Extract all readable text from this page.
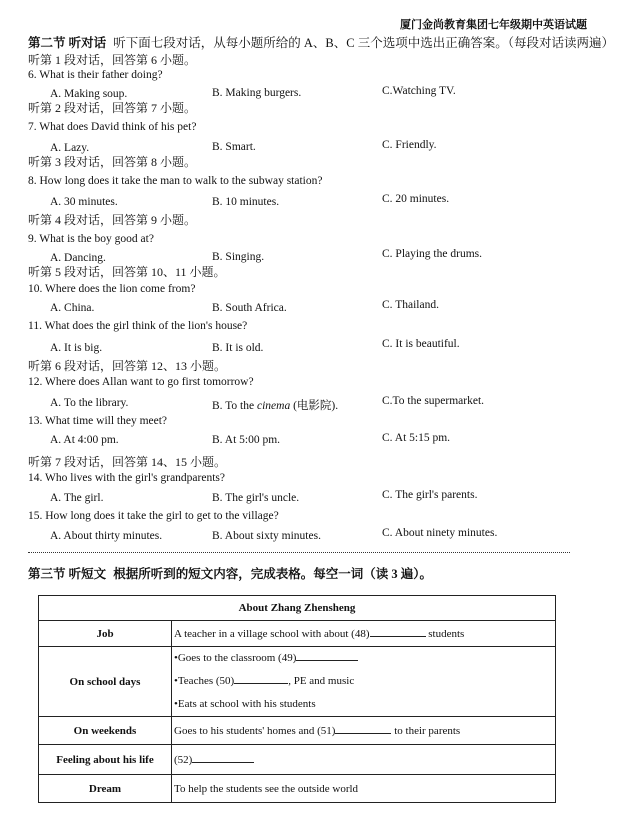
厦门金尚教育集团七年级期中英语试题
第二节 听对话 听下面七段对话，从每小题所给的 A、B、C 三个选项中选出正确答案。（每段对话读两遍）
听第 1 段对话，回答第 6 小题。
听第 2 段对话，回答第 7 小题。
听第 3 段对话，回答第 8 小题。
听第 4 段对话，回答第 9 小题。
听第 5 段对话，回答第 10、11 小题。
听第 6 段对话，回答第 12、13 小题。
听第 7 段对话，回答第 14、15 小题。
6. What is their father doing?
A. Making soup.	B. Making burgers.	C.Watching TV.
7. What does David think of his pet?
A. Lazy.	B. Smart.	C. Friendly.
8. How long does it take the man to walk to the subway station?
A. 30 minutes.	B. 10 minutes.	C. 20 minutes.
9. What is the boy good at?
A. Dancing.	B. Singing.	C. Playing the drums.
10. Where does the lion come from?
A. China.	B. South Africa.	C. Thailand.
11. What does the girl think of the lion's house?
A. It is big.	B. It is old.	C. It is beautiful.
12. Where does Allan want to go first tomorrow?
A. To the library.	B. To the cinema (电影院).	C.To the supermarket.
13. What time will they meet?
A. At 4:00 pm.	B. At 5:00 pm.	C. At 5:15 pm.
14. Who lives with the girl's grandparents?
A. The girl.	B. The girl's uncle.	C. The girl's parents.
15. How long does it take the girl to get to the village?
A. About thirty minutes.	B. About sixty minutes.	C. About ninety minutes.
第三节 听短文 根据所听到的短文内容，完成表格。每空一词（读 3 遍）。
About Zhang Zhensheng	
Job	A teacher in a village school with about (48) students
On school days	•Goes to the classroom (49)
•Teaches (50) , PE and music
•Eats at school with his students

On weekends	Goes to his students' homes and (51) to their parents
Feeling about his life	(52)
Dream	To help the students see the outside world
